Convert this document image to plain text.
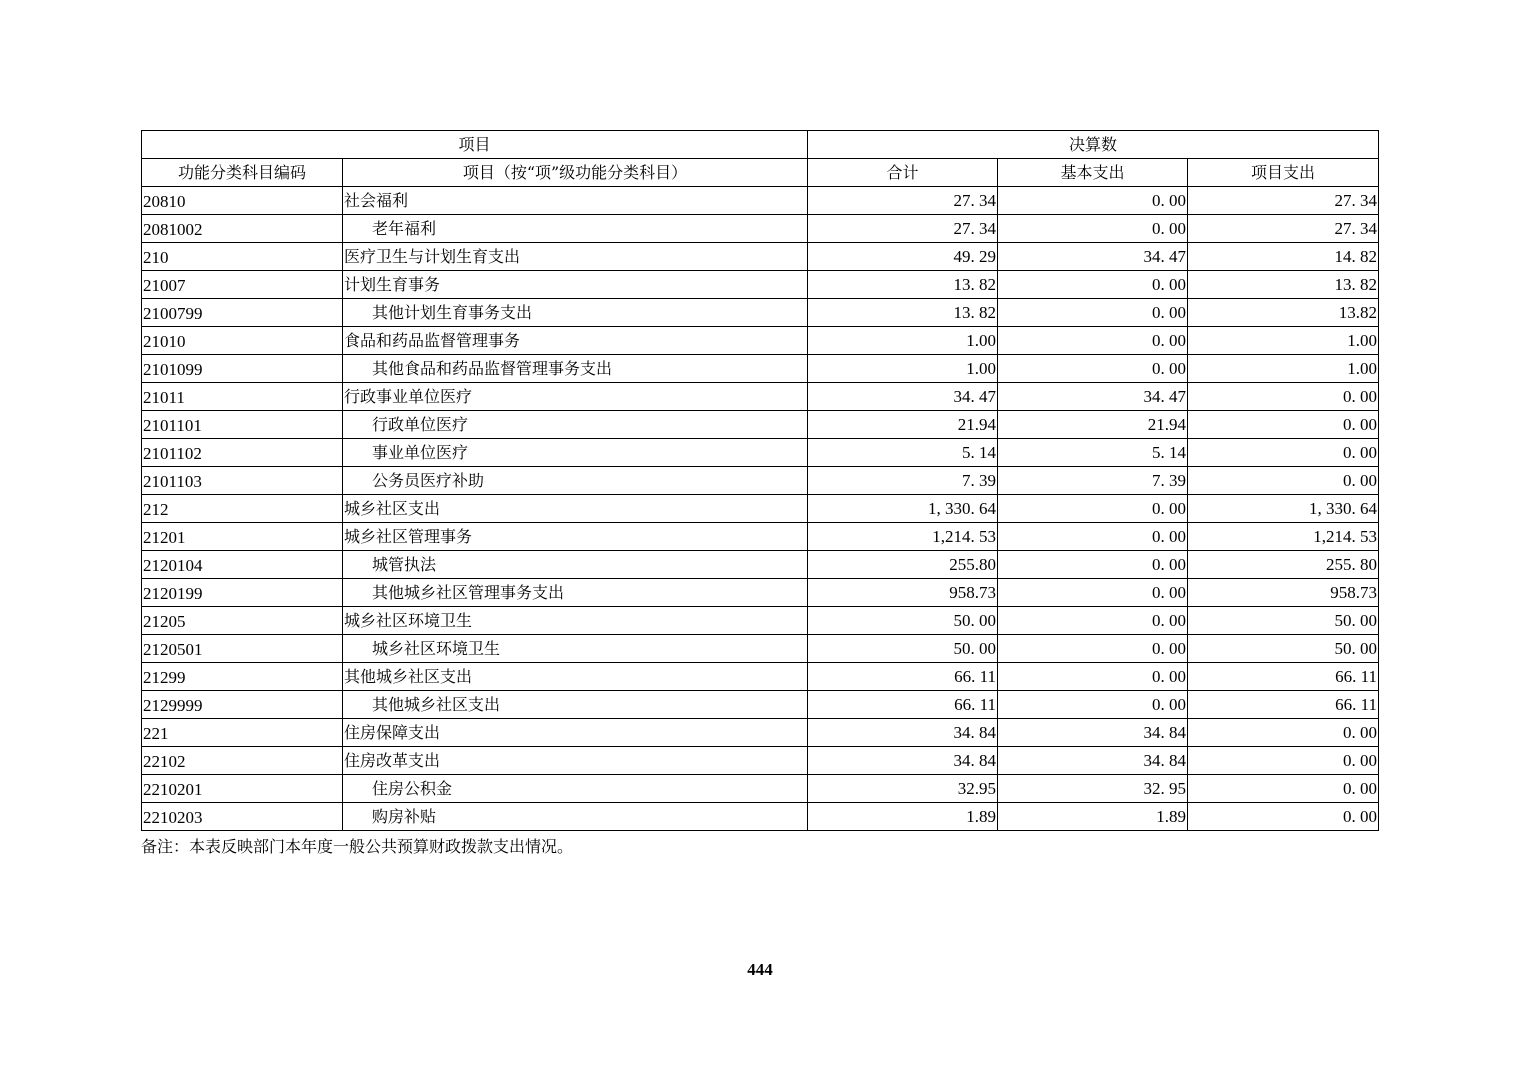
项目		决算数		
功能分类科目编码	项目（按“项”级功能分类科目）	合计	基本支出	项目支出
20810	社会福利	27. 34	0. 00	27. 34
2081002	老年福利	27. 34	0. 00	27. 34
210	医疗卫生与计划生育支出	49. 29	34. 47	14. 82
21007	计划生育事务	13. 82	0. 00	13. 82
2100799	其他计划生育事务支出	13. 82	0. 00	13.82
21010	食品和药品监督管理事务	1.00	0. 00	1.00
2101099	其他食品和药品监督管理事务支出	1.00	0. 00	1.00
21011	行政事业单位医疗	34. 47	34. 47	0. 00
2101101	行政单位医疗	21.94	21.94	0. 00
2101102	事业单位医疗	5. 14	5. 14	0. 00
2101103	公务员医疗补助	7. 39	7. 39	0. 00
212	城乡社区支出	1, 330. 64	0. 00	1, 330. 64
21201	城乡社区管理事务	1,214. 53	0. 00	1,214. 53
2120104	城管执法	255.80	0. 00	255. 80
2120199	其他城乡社区管理事务支出	958.73	0. 00	958.73
21205	城乡社区环境卫生	50. 00	0. 00	50. 00
2120501	城乡社区环境卫生	50. 00	0. 00	50. 00
21299	其他城乡社区支出	66. 11	0. 00	66. 11
2129999	其他城乡社区支出	66. 11	0. 00	66. 11
221	住房保障支出	34. 84	34. 84	0. 00
22102	住房改革支出	34. 84	34. 84	0. 00
2210201	住房公积金	32.95	32. 95	0. 00
2210203	购房补贴	1.89	1.89	0. 00
备注：本表反映部门本年度一般公共预算财政拨款支出情况。
444
